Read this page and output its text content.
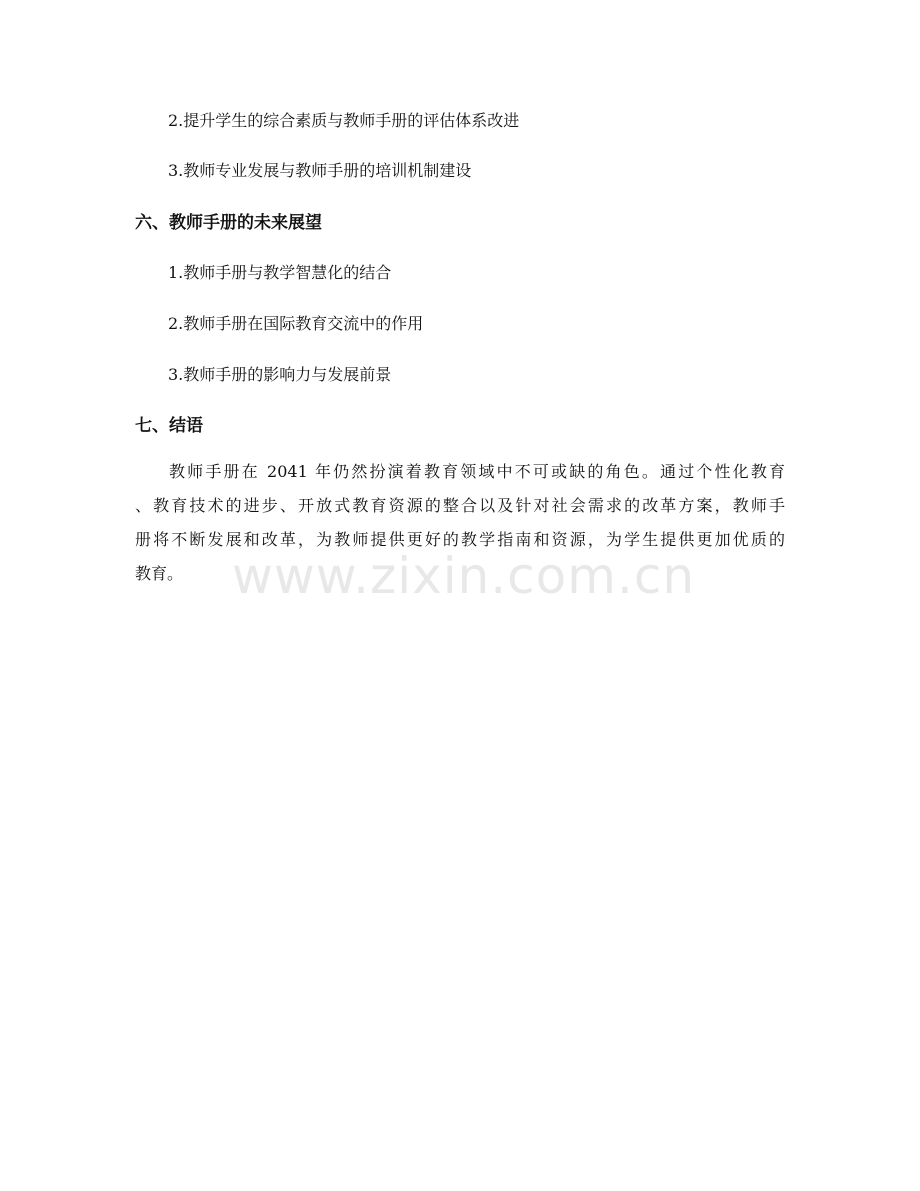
2.提升学生的综合素质与教师手册的评估体系改进
3.教师专业发展与教师手册的培训机制建设
六、教师手册的未来展望
1.教师手册与教学智慧化的结合
2.教师手册在国际教育交流中的作用
3.教师手册的影响力与发展前景
七、结语
教师手册在 2041 年仍然扮演着教育领域中不可或缺的角色。通过个性化教育
、教育技术的进步、开放式教育资源的整合以及针对社会需求的改革方案，教师手
册将不断发展和改革，为教师提供更好的教学指南和资源，为学生提供更加优质的
教育。 www.zixin.com.cn
